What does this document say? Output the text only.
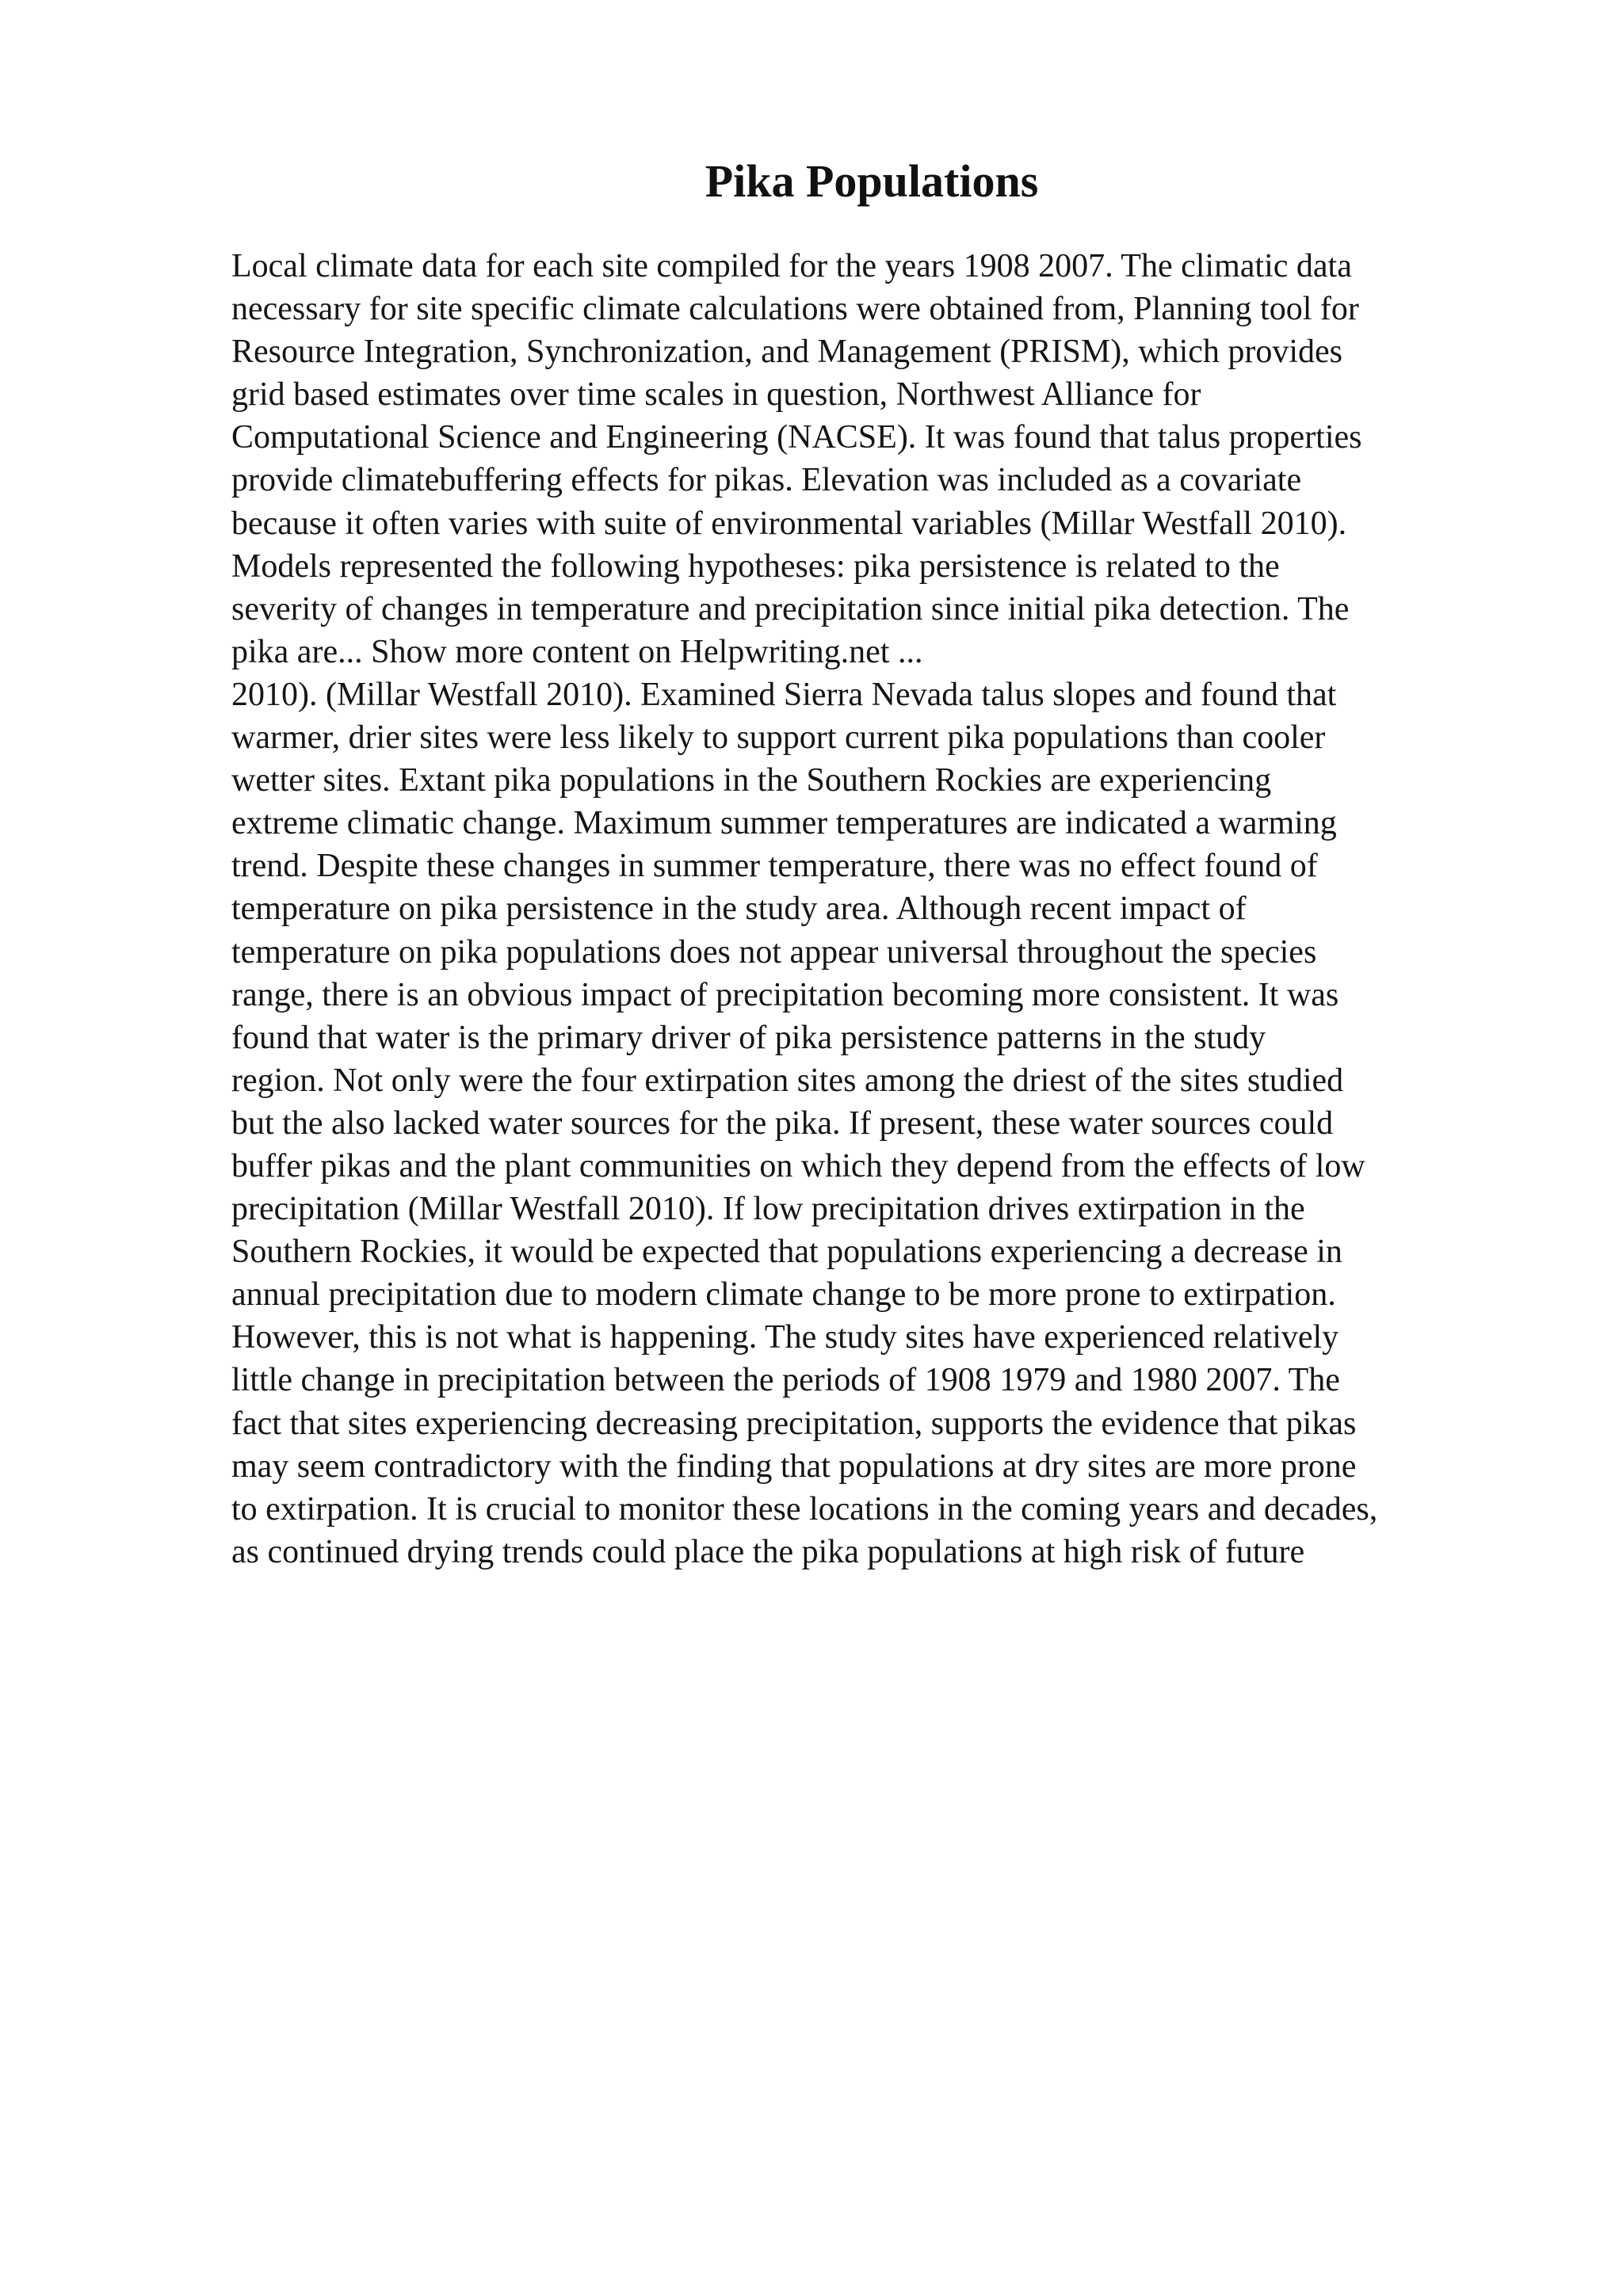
Pika Populations
Local climate data for each site compiled for the years 1908 2007. The climatic data
necessary for site specific climate calculations were obtained from, Planning tool for
Resource Integration, Synchronization, and Management (PRISM), which provides
grid based estimates over time scales in question, Northwest Alliance for
Computational Science and Engineering (NACSE). It was found that talus properties
provide climatebuffering effects for pikas. Elevation was included as a covariate
because it often varies with suite of environmental variables (Millar Westfall 2010).
Models represented the following hypotheses: pika persistence is related to the
severity of changes in temperature and precipitation since initial pika detection. The
pika are... Show more content on Helpwriting.net ...
2010). (Millar Westfall 2010). Examined Sierra Nevada talus slopes and found that
warmer, drier sites were less likely to support current pika populations than cooler
wetter sites. Extant pika populations in the Southern Rockies are experiencing
extreme climatic change. Maximum summer temperatures are indicated a warming
trend. Despite these changes in summer temperature, there was no effect found of
temperature on pika persistence in the study area. Although recent impact of
temperature on pika populations does not appear universal throughout the species
range, there is an obvious impact of precipitation becoming more consistent. It was
found that water is the primary driver of pika persistence patterns in the study
region. Not only were the four extirpation sites among the driest of the sites studied
but the also lacked water sources for the pika. If present, these water sources could
buffer pikas and the plant communities on which they depend from the effects of low
precipitation (Millar Westfall 2010). If low precipitation drives extirpation in the
Southern Rockies, it would be expected that populations experiencing a decrease in
annual precipitation due to modern climate change to be more prone to extirpation.
However, this is not what is happening. The study sites have experienced relatively
little change in precipitation between the periods of 1908 1979 and 1980 2007. The
fact that sites experiencing decreasing precipitation, supports the evidence that pikas
may seem contradictory with the finding that populations at dry sites are more prone
to extirpation. It is crucial to monitor these locations in the coming years and decades,
as continued drying trends could place the pika populations at high risk of future
